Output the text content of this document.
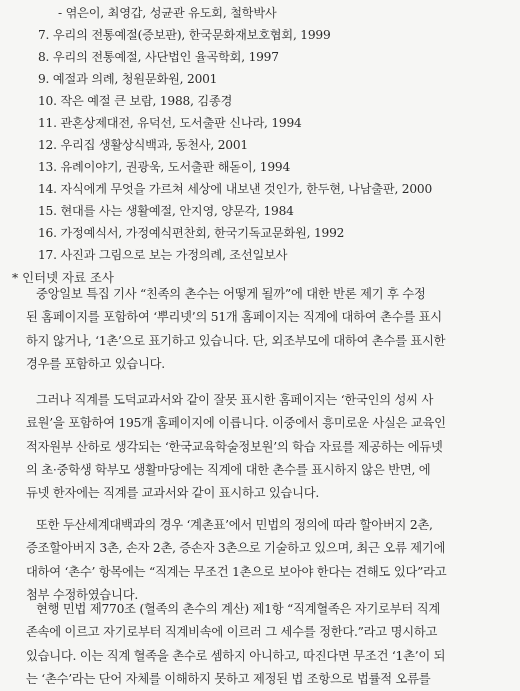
- 엮은이, 최영갑, 성균관 유도회, 철학박사
7. 우리의 전통예절(증보판), 한국문화재보호협회, 1999
8. 우리의 전통예절, 사단법인 율곡학회, 1997
9. 예절과 의례, 청원문화원, 2001
10. 작은 예절 큰 보람, 1988, 김종경
11. 관혼상제대전, 유덕선, 도서출판 신나라, 1994
12. 우리집 생활상식백과, 동천사, 2001
13. 유례이야기, 권광욱, 도서출판 해돋이, 1994
14. 자식에게 무엇을 가르쳐 세상에 내보낸 것인가, 한두현, 나남출판, 2000
15. 현대를 사는 생활예절, 안지영, 양문각, 1984
16. 가정예식서, 가정예식편찬회, 한국기독교문화원, 1992
17. 사진과 그림으로 보는 가정의례, 조선일보사
* 인터넷 자료 조사
중앙일보 특집 기사 “친족의 촌수는 어떻게 될까”에 대한 반론 제기 후 수정
된 홈페이지를 포함하여 ‘뿌리넷’의 51개 홈페이지는 직계에 대하여 촌수를 표시
하지 않거나, ‘1촌’으로 표기하고 있습니다. 단, 외조부모에 대하여 촌수를 표시한
경우를 포함하고 있습니다.
그러나 직계를 도덕교과서와 같이 잘못 표시한 홈페이지는 ‘한국인의 성씨 사
료원’을 포함하여 195개 홈페이지에 이릅니다. 이중에서 흥미로운 사실은 교육인
적자원부 산하로 생각되는 ‘한국교육학술정보원’의 학습 자료를 제공하는 에듀넷
의 초·중학생 학부모 생활마당에는 직계에 대한 촌수를 표시하지 않은 반면, 에
듀넷 한자에는 직계를 교과서와 같이 표시하고 있습니다.
또한 두산세계대백과의 경우 ‘계촌표’에서 민법의 정의에 따라 할아버지 2촌,
증조할아버지 3촌, 손자 2촌, 증손자 3촌으로 기술하고 있으며, 최근 오류 제기에
대하여 ‘촌수’ 항목에는 “직계는 무조건 1촌으로 보아야 한다는 견해도 있다”라고
첨부 수정하였습니다.
현행 민법 제770조 (혈족의 촌수의 계산) 제1항 “직계혈족은 자기로부터 직계
존속에 이르고 자기로부터 직계비속에 이르러 그 세수를 정한다.”라고 명시하고
있습니다. 이는 직계 혈족을 촌수로 셈하지 아니하고, 따진다면 무조건 ‘1촌’이 되
는 ‘촌수’라는 단어 자체를 이해하지 못하고 제정된 법 조항으로 법률적 오류를
